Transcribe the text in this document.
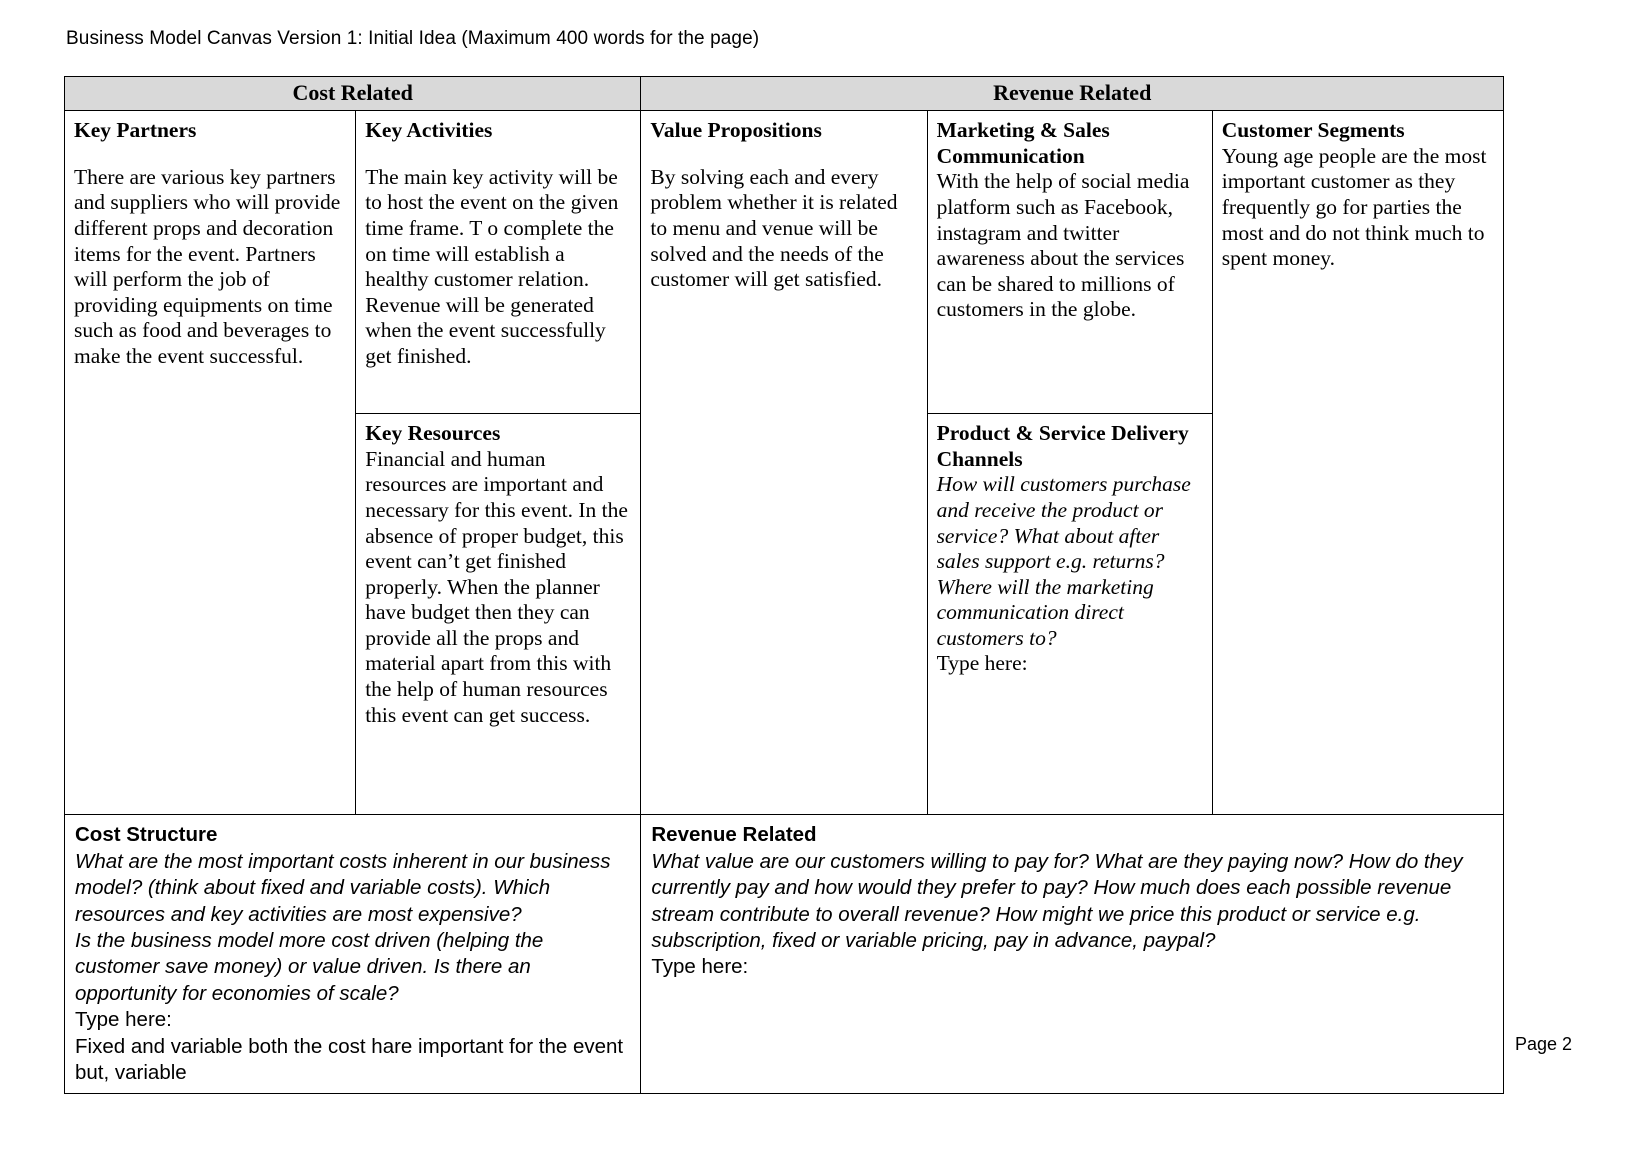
Business Model Canvas Version 1: Initial Idea (Maximum 400 words for the page)
Cost Related	Revenue Related

Key Partners
There are various key partners and suppliers who will provide different props and decoration items for the event. Partners will perform the job of providing equipments on time such as food and beverages to make the event successful.

Key Activities
The main key activity will be to host the event on the given time frame. T o complete the on time will establish a healthy customer relation. Revenue will be generated when the event successfully get finished.

Key Resources
Financial and human resources are important and necessary for this event. In the absence of proper budget, this event can’t get finished properly. When the planner have budget then they can provide all the props and material apart from this with the help of human resources this event can get success.

Value Propositions
By solving each and every problem whether it is related to menu and venue will be solved and the needs of the customer will get satisfied.

Marketing & Sales Communication
With the help of social media platform such as Facebook, instagram and twitter awareness about the services can be shared to millions of customers in the globe.

Product & Service Delivery Channels
How will customers purchase and receive the product or service? What about after sales support e.g. returns? Where will the marketing communication direct customers to?
Type here:

Customer Segments
Young age people are the most important customer as they frequently go for parties the most and do not think much to spent money.

Cost Structure
What are the most important costs inherent in our business model? (think about fixed and variable costs). Which resources and key activities are most expensive?
Is the business model more cost driven (helping the customer save money) or value driven. Is there an opportunity for economies of scale?
Type here:
Fixed and variable both the cost hare important for the event but, variable

Revenue Related
What value are our customers willing to pay for? What are they paying now? How do they currently pay and how would they prefer to pay? How much does each possible revenue stream contribute to overall revenue? How might we price this product or service e.g. subscription, fixed or variable pricing, pay in advance, paypal?
Type here:
Page 2
